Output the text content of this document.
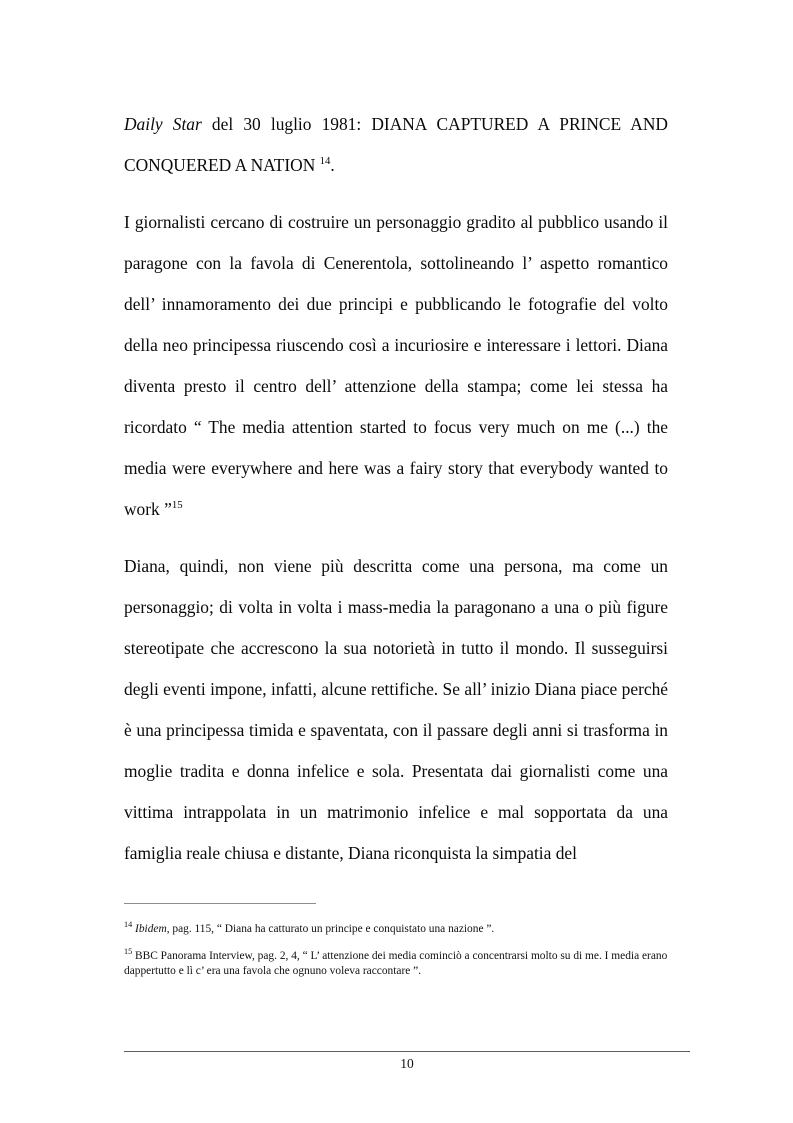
Daily Star del 30 luglio 1981: DIANA CAPTURED A PRINCE AND CONQUERED A NATION $^{14}$.

I giornalisti cercano di costruire un personaggio gradito al pubblico usando il paragone con la favola di Cenerentola, sottolineando l’ aspetto romantico dell’ innamoramento dei due principi e pubblicando le fotografie del volto della neo principessa riuscendo così a incuriosire e interessare i lettori. Diana diventa presto il centro dell’ attenzione della stampa; come lei stessa ha ricordato “ The media attention started to focus very much on me (...) the media were everywhere and here was a fairy story that everybody wanted to work ”$^{15}$

Diana, quindi, non viene più descritta come una persona, ma come un personaggio; di volta in volta i mass-media la paragonano a una o più figure stereotipate che accrescono la sua notorietà in tutto il mondo. Il susseguirsi degli eventi impone, infatti, alcune rettifiche. Se all’ inizio Diana piace perché è una principessa timida e spaventata, con il passare degli anni si trasforma in moglie tradita e donna infelice e sola. Presentata dai giornalisti come una vittima intrappolata in un matrimonio infelice e mal sopportata da una famiglia reale chiusa e distante, Diana riconquista la simpatia del

$^{14}$ Ibidem, pag. 115, “ Diana ha catturato un principe e conquistato una nazione ”.

$^{15}$ BBC Panorama Interview, pag. 2, 4, “ L’ attenzione dei media cominciò a concentrarsi molto su di me. I media erano dappertutto e lì c’ era una favola che ognuno voleva raccontare ”.

10
